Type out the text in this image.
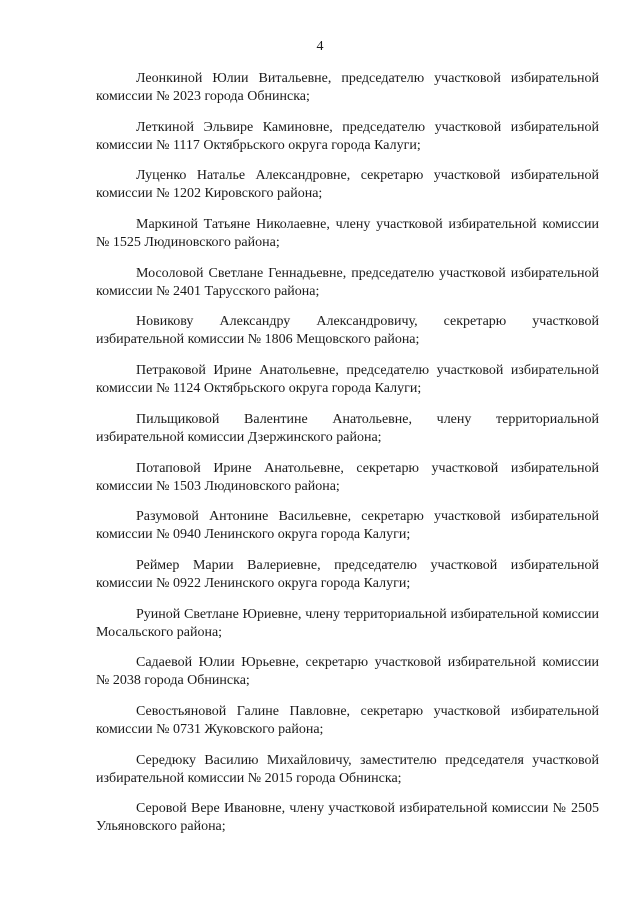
4

Леонкиной Юлии Витальевне, председателю участковой избирательной
комиссии № 2023 города Обнинска;

Леткиной Эльвире Каминовне, председателю участковой избирательной
комиссии № 1117 Октябрьского округа города Калуги;

Луценко Наталье Александровне, секретарю участковой избирательной
комиссии № 1202 Кировского района;

Маркиной Татьяне Николаевне, члену участковой избирательной комиссии
№ 1525 Людиновского района;

Мосоловой Светлане Геннадьевне, председателю участковой избирательной
комиссии № 2401 Тарусского района;

Новикову Александру Александровичу, секретарю участковой
избирательной комиссии № 1806 Мещовского района;

Петраковой Ирине Анатольевне, председателю участковой избирательной
комиссии № 1124 Октябрьского округа города Калуги;

Пильщиковой Валентине Анатольевне, члену территориальной
избирательной комиссии Дзержинского района;

Потаповой Ирине Анатольевне, секретарю участковой избирательной
комиссии № 1503 Людиновского района;

Разумовой Антонине Васильевне, секретарю участковой избирательной
комиссии № 0940 Ленинского округа города Калуги;

Реймер Марии Валериевне, председателю участковой избирательной
комиссии № 0922 Ленинского округа города Калуги;

Руиной Светлане Юриевне, члену территориальной избирательной комиссии
Мосальского района;

Садаевой Юлии Юрьевне, секретарю участковой избирательной комиссии
№ 2038 города Обнинска;

Севостьяновой Галине Павловне, секретарю участковой избирательной
комиссии № 0731 Жуковского района;

Середюку Василию Михайловичу, заместителю председателя участковой
избирательной комиссии № 2015 города Обнинска;

Серовой Вере Ивановне, члену участковой избирательной комиссии № 2505
Ульяновского района;
